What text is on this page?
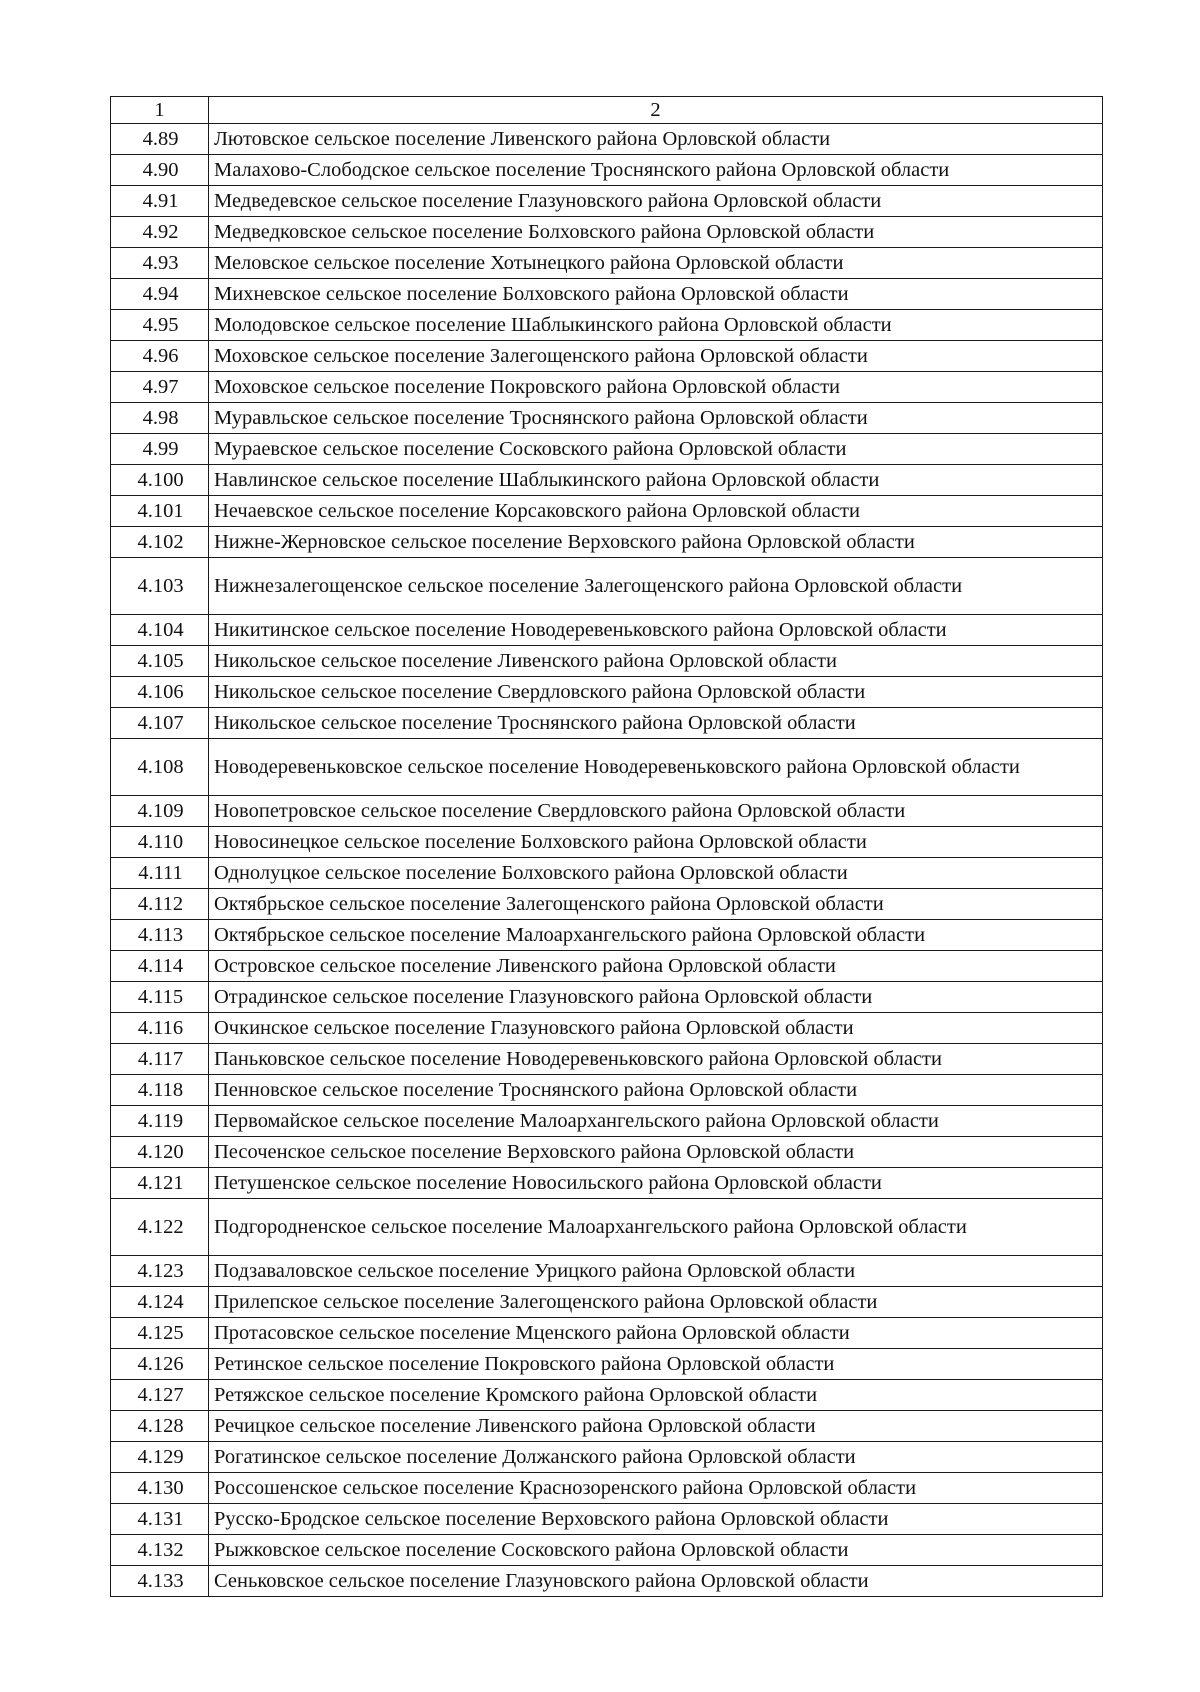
1	2
4.89	Лютовское сельское поселение Ливенского района Орловской области
4.90	Малахово-Слободское сельское поселение Троснянского района Орловской области
4.91	Медведевское сельское поселение Глазуновского района Орловской области
4.92	Медведковское сельское поселение Болховского района Орловской области
4.93	Меловское сельское поселение Хотынецкого района Орловской области
4.94	Михневское сельское поселение Болховского района Орловской области
4.95	Молодовское сельское поселение Шаблыкинского района Орловской области
4.96	Моховское сельское поселение Залегощенского района Орловской области
4.97	Моховское сельское поселение Покровского района Орловской области
4.98	Муравльское сельское поселение Троснянского района Орловской области
4.99	Мураевское сельское поселение Сосковского района Орловской области
4.100	Навлинское сельское поселение Шаблыкинского района Орловской области
4.101	Нечаевское сельское поселение Корсаковского района Орловской области
4.102	Нижне-Жерновское сельское поселение Верховского района Орловской области
4.103	Нижнезалегощенское сельское поселение Залегощенского района Орловской области
4.104	Никитинское сельское поселение Новодеревеньковского района Орловской области
4.105	Никольское сельское поселение Ливенского района Орловской области
4.106	Никольское сельское поселение Свердловского района Орловской области
4.107	Никольское сельское поселение Троснянского района Орловской области
4.108	Новодеревеньковское сельское поселение Новодеревеньковского района Орловской области
4.109	Новопетровское сельское поселение Свердловского района Орловской области
4.110	Новосинецкое сельское поселение Болховского района Орловской области
4.111	Однолуцкое сельское поселение Болховского района Орловской области
4.112	Октябрьское сельское поселение Залегощенского района Орловской области
4.113	Октябрьское сельское поселение Малоархангельского района Орловской области
4.114	Островское сельское поселение Ливенского района Орловской области
4.115	Отрадинское сельское поселение Глазуновского района Орловской области
4.116	Очкинское сельское поселение Глазуновского района Орловской области
4.117	Паньковское сельское поселение Новодеревеньковского района Орловской области
4.118	Пенновское сельское поселение Троснянского района Орловской области
4.119	Первомайское сельское поселение Малоархангельского района Орловской области
4.120	Песоченское сельское поселение Верховского района Орловской области
4.121	Петушенское сельское поселение Новосильского района Орловской области
4.122	Подгородненское сельское поселение Малоархангельского района Орловской области
4.123	Подзаваловское сельское поселение Урицкого района Орловской области
4.124	Прилепское сельское поселение Залегощенского района Орловской области
4.125	Протасовское сельское поселение Мценского района Орловской области
4.126	Ретинское сельское поселение Покровского района Орловской области
4.127	Ретяжское сельское поселение Кромского района Орловской области
4.128	Речицкое сельское поселение Ливенского района Орловской области
4.129	Рогатинское сельское поселение Должанского района Орловской области
4.130	Россошенское сельское поселение Краснозоренского района Орловской области
4.131	Русско-Бродское сельское поселение Верховского района Орловской области
4.132	Рыжковское сельское поселение Сосковского района Орловской области
4.133	Сеньковское сельское поселение Глазуновского района Орловской области
